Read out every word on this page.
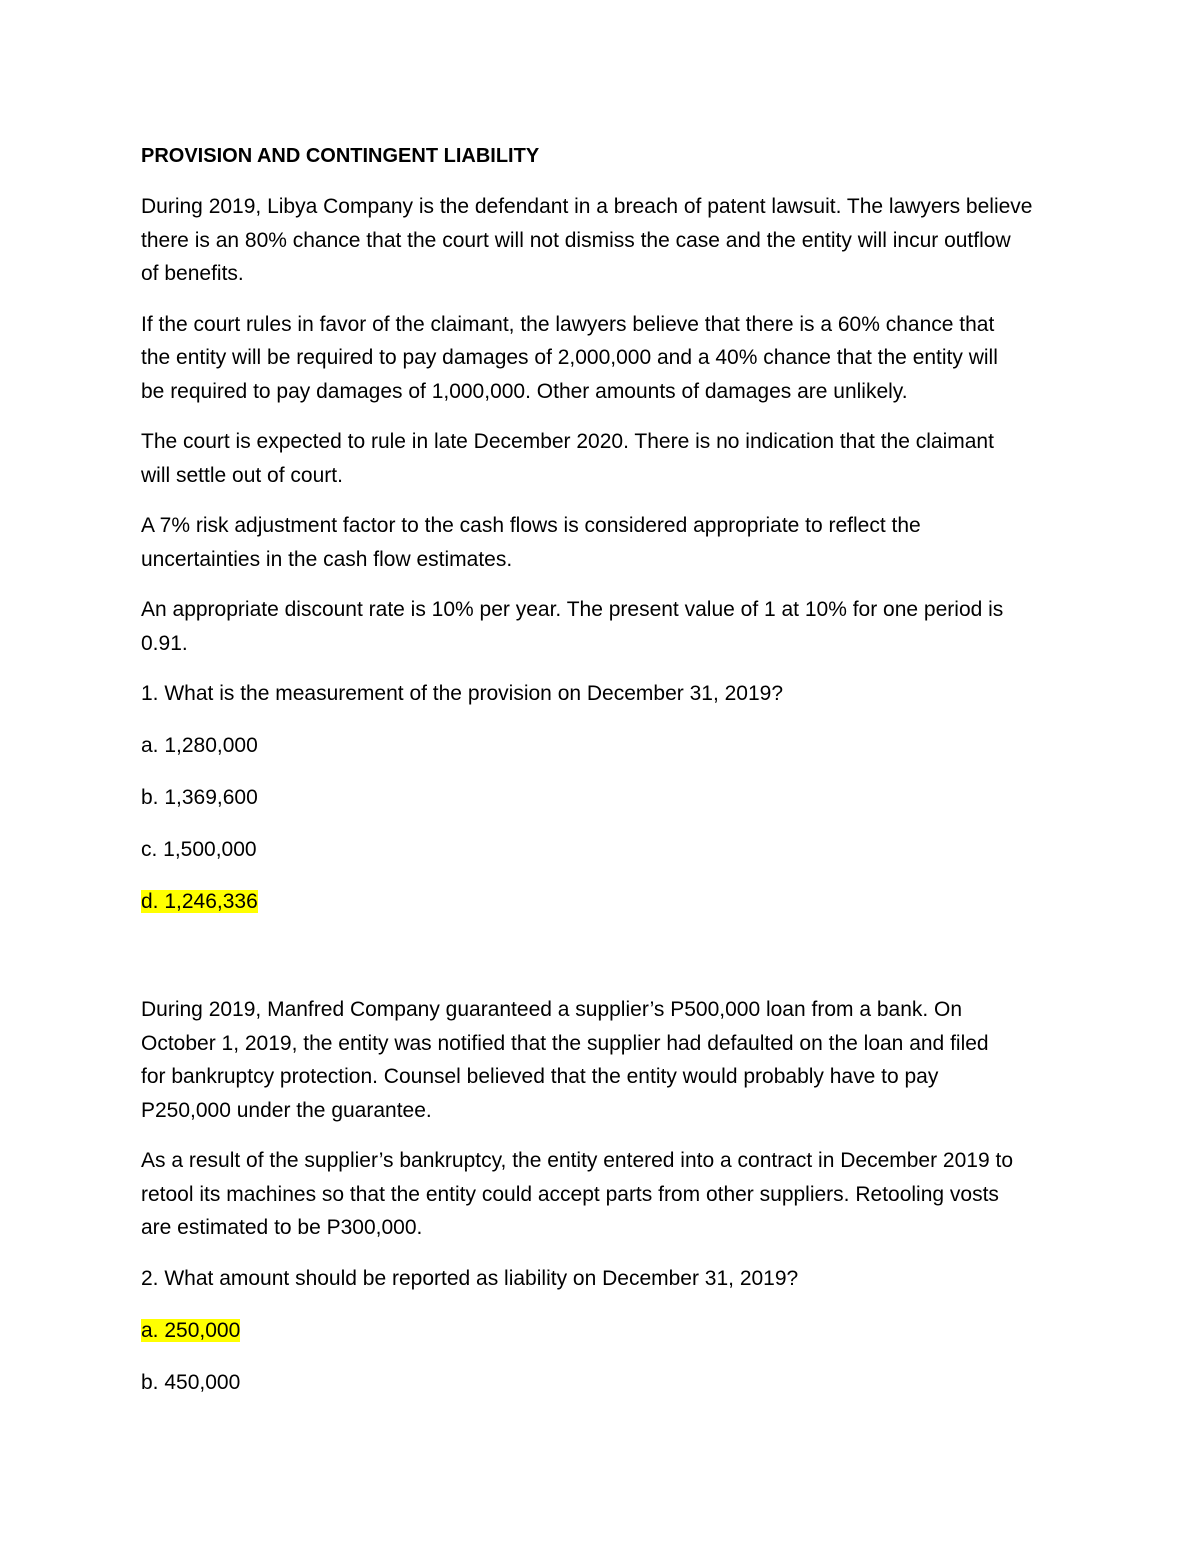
PROVISION AND CONTINGENT LIABILITY
During 2019, Libya Company is the defendant in a breach of patent lawsuit. The lawyers believe
there is an 80% chance that the court will not dismiss the case and the entity will incur outflow
of benefits.
If the court rules in favor of the claimant, the lawyers believe that there is a 60% chance that
the entity will be required to pay damages of 2,000,000 and a 40% chance that the entity will
be required to pay damages of 1,000,000. Other amounts of damages are unlikely.
The court is expected to rule in late December 2020. There is no indication that the claimant
will settle out of court.
A 7% risk adjustment factor to the cash flows is considered appropriate to reflect the
uncertainties in the cash flow estimates.
An appropriate discount rate is 10% per year. The present value of 1 at 10% for one period is
0.91.
1. What is the measurement of the provision on December 31, 2019?
a. 1,280,000
b. 1,369,600
c. 1,500,000
d. 1,246,336
During 2019, Manfred Company guaranteed a supplier’s P500,000 loan from a bank. On
October 1, 2019, the entity was notified that the supplier had defaulted on the loan and filed
for bankruptcy protection. Counsel believed that the entity would probably have to pay
P250,000 under the guarantee.
As a result of the supplier’s bankruptcy, the entity entered into a contract in December 2019 to
retool its machines so that the entity could accept parts from other suppliers. Retooling vosts
are estimated to be P300,000.
2. What amount should be reported as liability on December 31, 2019?
a. 250,000
b. 450,000
